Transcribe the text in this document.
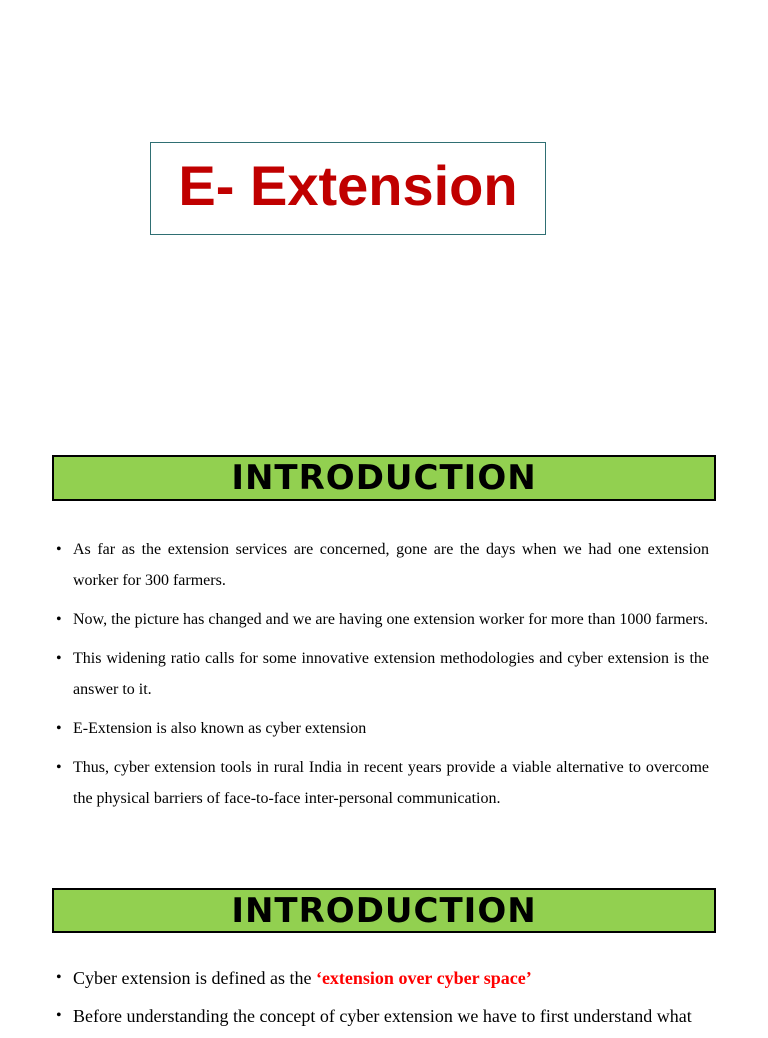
E- Extension
INTRODUCTION
• As far as the extension services are concerned, gone are the days when we had one extension worker for 300 farmers.
• Now, the picture has changed and we are having one extension worker for more than 1000 farmers.
• This widening ratio calls for some innovative extension methodologies and cyber extension is the answer to it.
• E-Extension is also known as cyber extension
• Thus, cyber extension tools in rural India in recent years provide a viable alternative to overcome the physical barriers of face-to-face inter-personal communication.
INTRODUCTION
• Cyber extension is defined as the ‘extension over cyber space’
• Before understanding the concept of cyber extension we have to first understand what
